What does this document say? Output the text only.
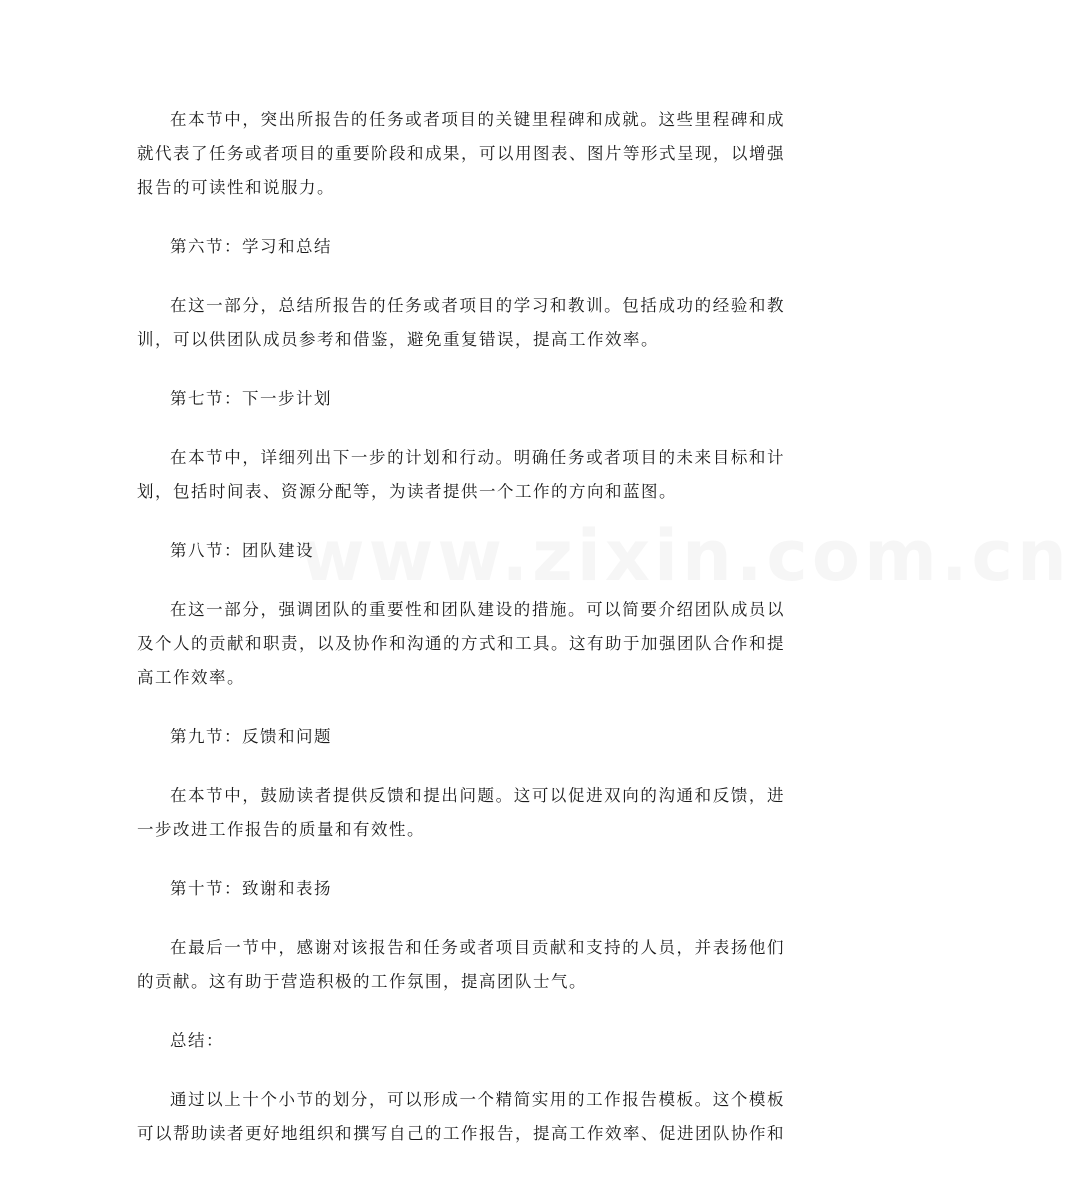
www.zixin.com.cn

在本节中，突出所报告的任务或者项目的关键里程碑和成就。这些里程碑和成就代表了任务或者项目的重要阶段和成果，可以用图表、图片等形式呈现，以增强报告的可读性和说服力。

第六节：学习和总结

在这一部分，总结所报告的任务或者项目的学习和教训。包括成功的经验和教训，可以供团队成员参考和借鉴，避免重复错误，提高工作效率。

第七节：下一步计划

在本节中，详细列出下一步的计划和行动。明确任务或者项目的未来目标和计划，包括时间表、资源分配等，为读者提供一个工作的方向和蓝图。

第八节：团队建设

在这一部分，强调团队的重要性和团队建设的措施。可以简要介绍团队成员以及个人的贡献和职责，以及协作和沟通的方式和工具。这有助于加强团队合作和提高工作效率。

第九节：反馈和问题

在本节中，鼓励读者提供反馈和提出问题。这可以促进双向的沟通和反馈，进一步改进工作报告的质量和有效性。

第十节：致谢和表扬

在最后一节中，感谢对该报告和任务或者项目贡献和支持的人员，并表扬他们的贡献。这有助于营造积极的工作氛围，提高团队士气。

总结：

通过以上十个小节的划分，可以形成一个精简实用的工作报告模板。这个模板可以帮助读者更好地组织和撰写自己的工作报告，提高工作效率、促进团队协作和
